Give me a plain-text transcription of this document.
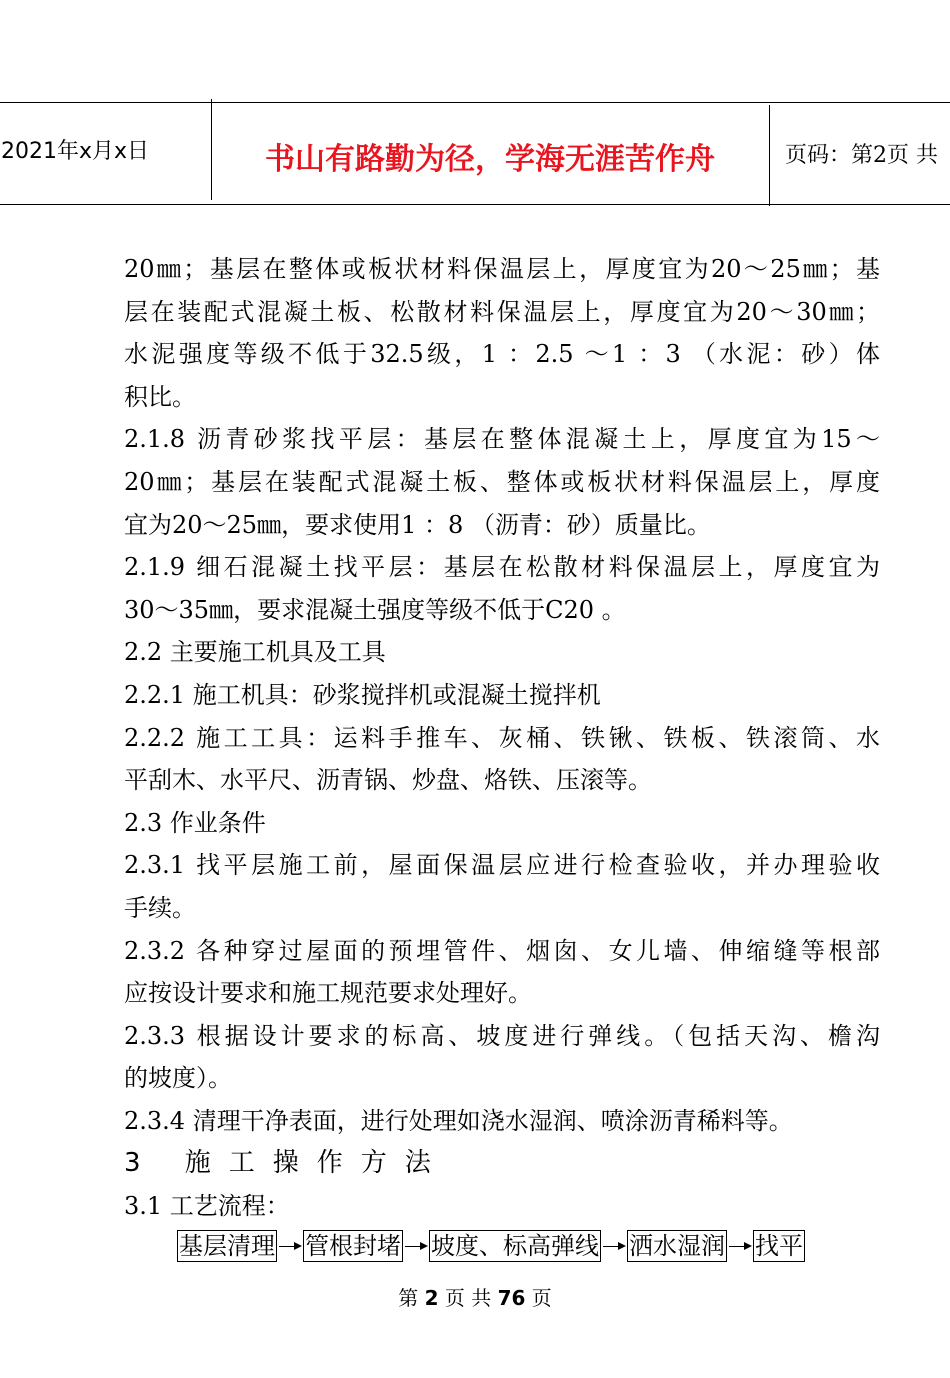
2021年x月x日	书山有路勤为径，学海无涯苦作舟	页码：第2页 共
20㎜；基层在整体或板状材料保温层上，厚度宜为20～25㎜；基
层在装配式混凝土板、松散材料保温层上，厚度宜为20～30㎜；
水泥强度等级不低于32.5级，1 ：2.5 ～1 ：3 （水泥：砂）体
积比。
2.1.8 沥青砂浆找平层：基层在整体混凝土上，厚度宜为15～
20㎜；基层在装配式混凝土板、整体或板状材料保温层上，厚度
宜为20～25㎜，要求使用1 ：8 （沥青：砂）质量比。
2.1.9 细石混凝土找平层：基层在松散材料保温层上，厚度宜为
30～35㎜，要求混凝土强度等级不低于C20 。
2.2 主要施工机具及工具
2.2.1 施工机具：砂浆搅拌机或混凝土搅拌机
2.2.2 施工工具：运料手推车、灰桶、铁锹、铁板、铁滚筒、水
平刮木、水平尺、沥青锅、炒盘、烙铁、压滚等。
2.3 作业条件
2.3.1 找平层施工前，屋面保温层应进行检查验收，并办理验收
手续。
2.3.2 各种穿过屋面的预埋管件、烟囱、女儿墙、伸缩缝等根部
应按设计要求和施工规范要求处理好。
2.3.3 根据设计要求的标高、坡度进行弹线。（包括天沟、檐沟
的坡度）。
2.3.4 清理干净表面，进行处理如浇水湿润、喷涂沥青稀料等。
3 施工操作方法
3.1 工艺流程：
基层清理 管根封堵 坡度、标高弹线 洒水湿润 找平
第 2 页 共 76 页
